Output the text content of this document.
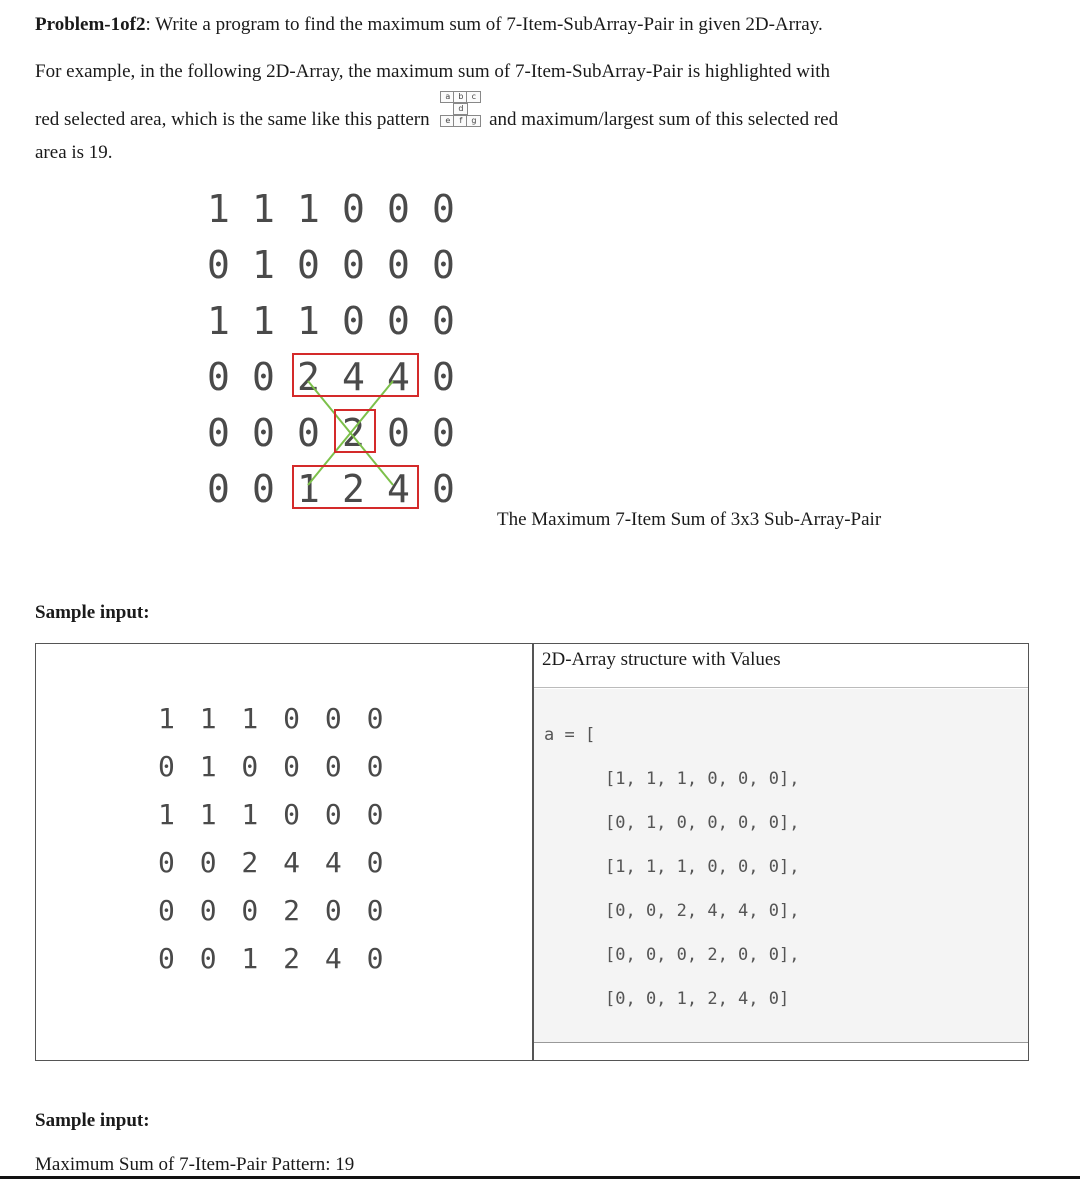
Problem-1of2: Write a program to find the maximum sum of 7-Item-SubArray-Pair in given 2D-Array.
For example, in the following 2D-Array, the maximum sum of 7-Item-SubArray-Pair is highlighted with
red selected area, which is the same like this pattern
a	b	c
d
e	f	g and maximum/largest sum of this selected red
area is 19.
1 1 1 0 0 0
0 1 0 0 0 0
1 1 1 0 0 0
0 0 2 4 4 0
0 0 0 2 0 0
0 0 1 2 4 0
The Maximum 7-Item Sum of 3x3 Sub-Array-Pair
Sample input:
2D-Array structure with Values
1 1 1 0 0 0
0 1 0 0 0 0
1 1 1 0 0 0
0 0 2 4 4 0
0 0 0 2 0 0
0 0 1 2 4 0
a = [
[1, 1, 1, 0, 0, 0],
[0, 1, 0, 0, 0, 0],
[1, 1, 1, 0, 0, 0],
[0, 0, 2, 4, 4, 0],
[0, 0, 0, 2, 0, 0],
[0, 0, 1, 2, 4, 0]
Sample input:
Maximum Sum of 7-Item-Pair Pattern: 19
